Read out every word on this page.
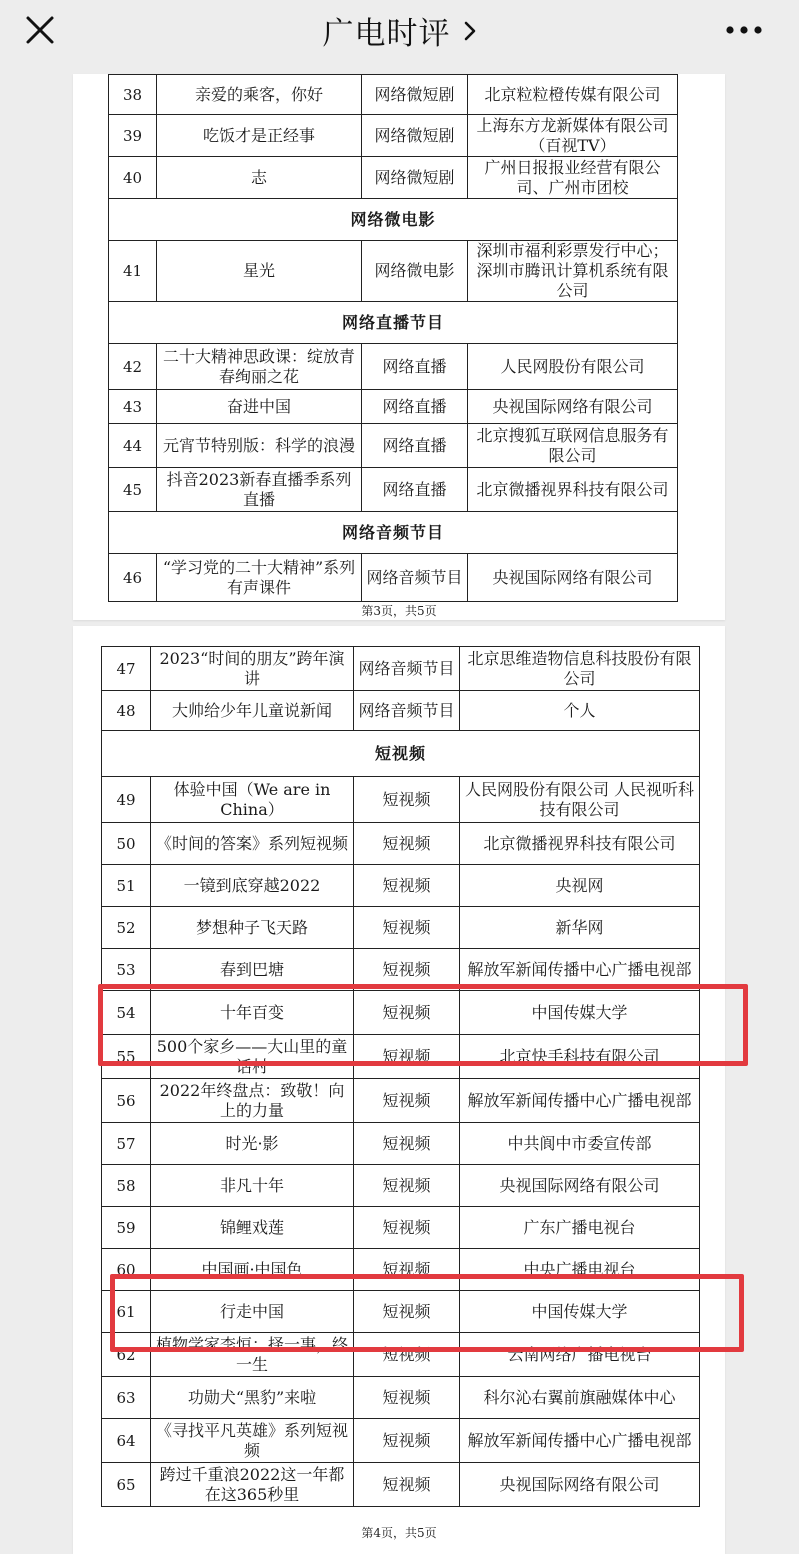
广电时评
38	亲爱的乘客，你好	网络微短剧	北京粒粒橙传媒有限公司
39	吃饭才是正经事	网络微短剧	上海东方龙新媒体有限公司（百视TV）
40	志	网络微短剧	广州日报报业经营有限公司、广州市团校
网络微电影			
41	星光	网络微电影	深圳市福利彩票发行中心；深圳市腾讯计算机系统有限公司
网络直播节目			
42	二十大精神思政课：绽放青春绚丽之花	网络直播	人民网股份有限公司
43	奋进中国	网络直播	央视国际网络有限公司
44	元宵节特别版：科学的浪漫	网络直播	北京搜狐互联网信息服务有限公司
45	抖音2023新春直播季系列直播	网络直播	北京微播视界科技有限公司
网络音频节目			
46	“学习党的二十大精神”系列有声课件	网络音频节目	央视国际网络有限公司
第3页，共5页
47	2023“时间的朋友”跨年演讲	网络音频节目	北京思维造物信息科技股份有限公司
48	大帅给少年儿童说新闻	网络音频节目	个人
短视频			
49	体验中国（We are in China）	短视频	人民网股份有限公司 人民视听科技有限公司
50	《时间的答案》系列短视频	短视频	北京微播视界科技有限公司
51	一镜到底穿越2022	短视频	央视网
52	梦想种子飞天路	短视频	新华网
53	春到巴塘	短视频	解放军新闻传播中心广播电视部
54	十年百变	短视频	中国传媒大学
55	500个家乡——大山里的童话村	短视频	北京快手科技有限公司
56	2022年终盘点：致敬！向上的力量	短视频	解放军新闻传播中心广播电视部
57	时光·影	短视频	中共阆中市委宣传部
58	非凡十年	短视频	央视国际网络有限公司
59	锦鲤戏莲	短视频	广东广播电视台
60	中国画·中国色	短视频	中央广播电视台
61	行走中国	短视频	中国传媒大学
62	植物学家李恒：择一事，终一生	短视频	云南网络广播电视台
63	功勋犬“黑豹”来啦	短视频	科尔沁右翼前旗融媒体中心
64	《寻找平凡英雄》系列短视频	短视频	解放军新闻传播中心广播电视部
65	跨过千重浪2022这一年都在这365秒里	短视频	央视国际网络有限公司
第4页，共5页
